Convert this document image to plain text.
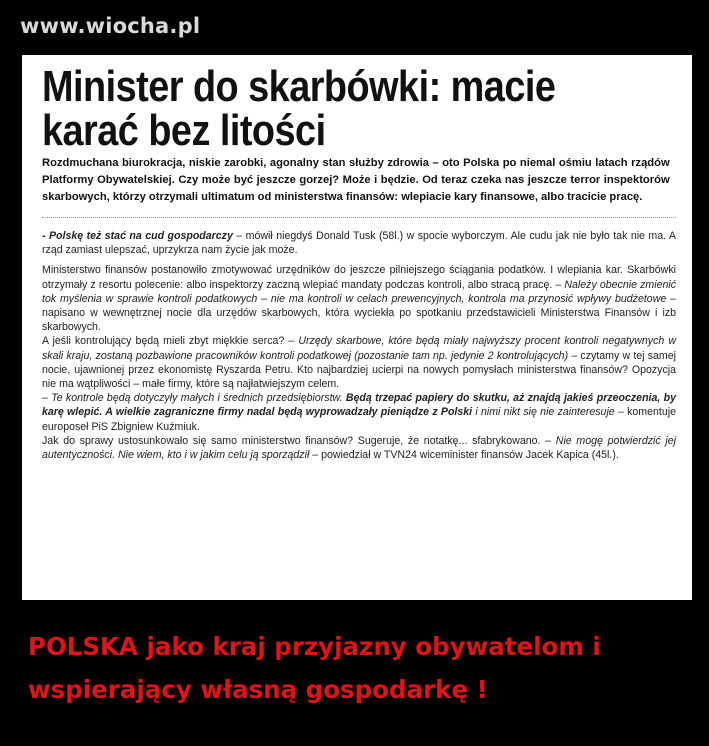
www.wiocha.pl
Minister do skarbówki: macie
karać bez litości

Rozdmuchana biurokracja, niskie zarobki, agonalny stan służby zdrowia – oto Polska po niemal ośmiu latach rządów Platformy Obywatelskiej. Czy może być jeszcze gorzej? Może i będzie. Od teraz czeka nas jeszcze terror inspektorów skarbowych, którzy otrzymali ultimatum od ministerstwa finansów: wlepiacie kary finansowe, albo tracicie pracę.

- Polskę też stać na cud gospodarczy – mówił niegdyś Donald Tusk (58l.) w spocie wyborczym. Ale cudu jak nie było tak nie ma. A rząd zamiast ulepszać, uprzykrza nam życie jak może.

Ministerstwo finansów postanowiło zmotywować urzędników do jeszcze pilniejszego ściągania podatków. I wlepiania kar. Skarbówki otrzymały z resortu polecenie: albo inspektorzy zaczną wlepiać mandaty podczas kontroli, albo stracą pracę. – Należy obecnie zmienić tok myślenia w sprawie kontroli podatkowych – nie ma kontroli w celach prewencyjnych, kontrola ma przynosić wpływy budżetowe – napisano w wewnętrznej nocie dla urzędów skarbowych, która wyciekła po spotkaniu przedstawicieli Ministerstwa Finansów i izb skarbowych.

A jeśli kontrolujący będą mieli zbyt miękkie serca? – Urzędy skarbowe, które będą miały najwyższy procent kontroli negatywnych w skali kraju, zostaną pozbawione pracowników kontroli podatkowej (pozostanie tam np. jedynie 2 kontrolujących) – czytamy w tej samej nocie, ujawnionej przez ekonomistę Ryszarda Petru. Kto najbardziej ucierpi na nowych pomysłach ministerstwa finansów? Opozycja nie ma wątpliwości – małe firmy, które są najłatwiejszym celem.

– Te kontrole będą dotyczyły małych i średnich przedsiębiorstw. Będą trzepać papiery do skutku, aż znajdą jakieś przeoczenia, by karę wlepić. A wielkie zagraniczne firmy nadal będą wyprowadzały pieniądze z Polski i nimi nikt się nie zainteresuje – komentuje europoseł PiS Zbigniew Kuźmiuk.

Jak do sprawy ustosunkowało się samo ministerstwo finansów? Sugeruje, że notatkę... sfabrykowano. – Nie mogę potwierdzić jej autentyczności. Nie wiem, kto i w jakim celu ją sporządził – powiedział w TVN24 wiceminister finansów Jacek Kapica (45l.).

POLSKA jako kraj przyjazny obywatelom i
wspierający własną gospodarkę !
